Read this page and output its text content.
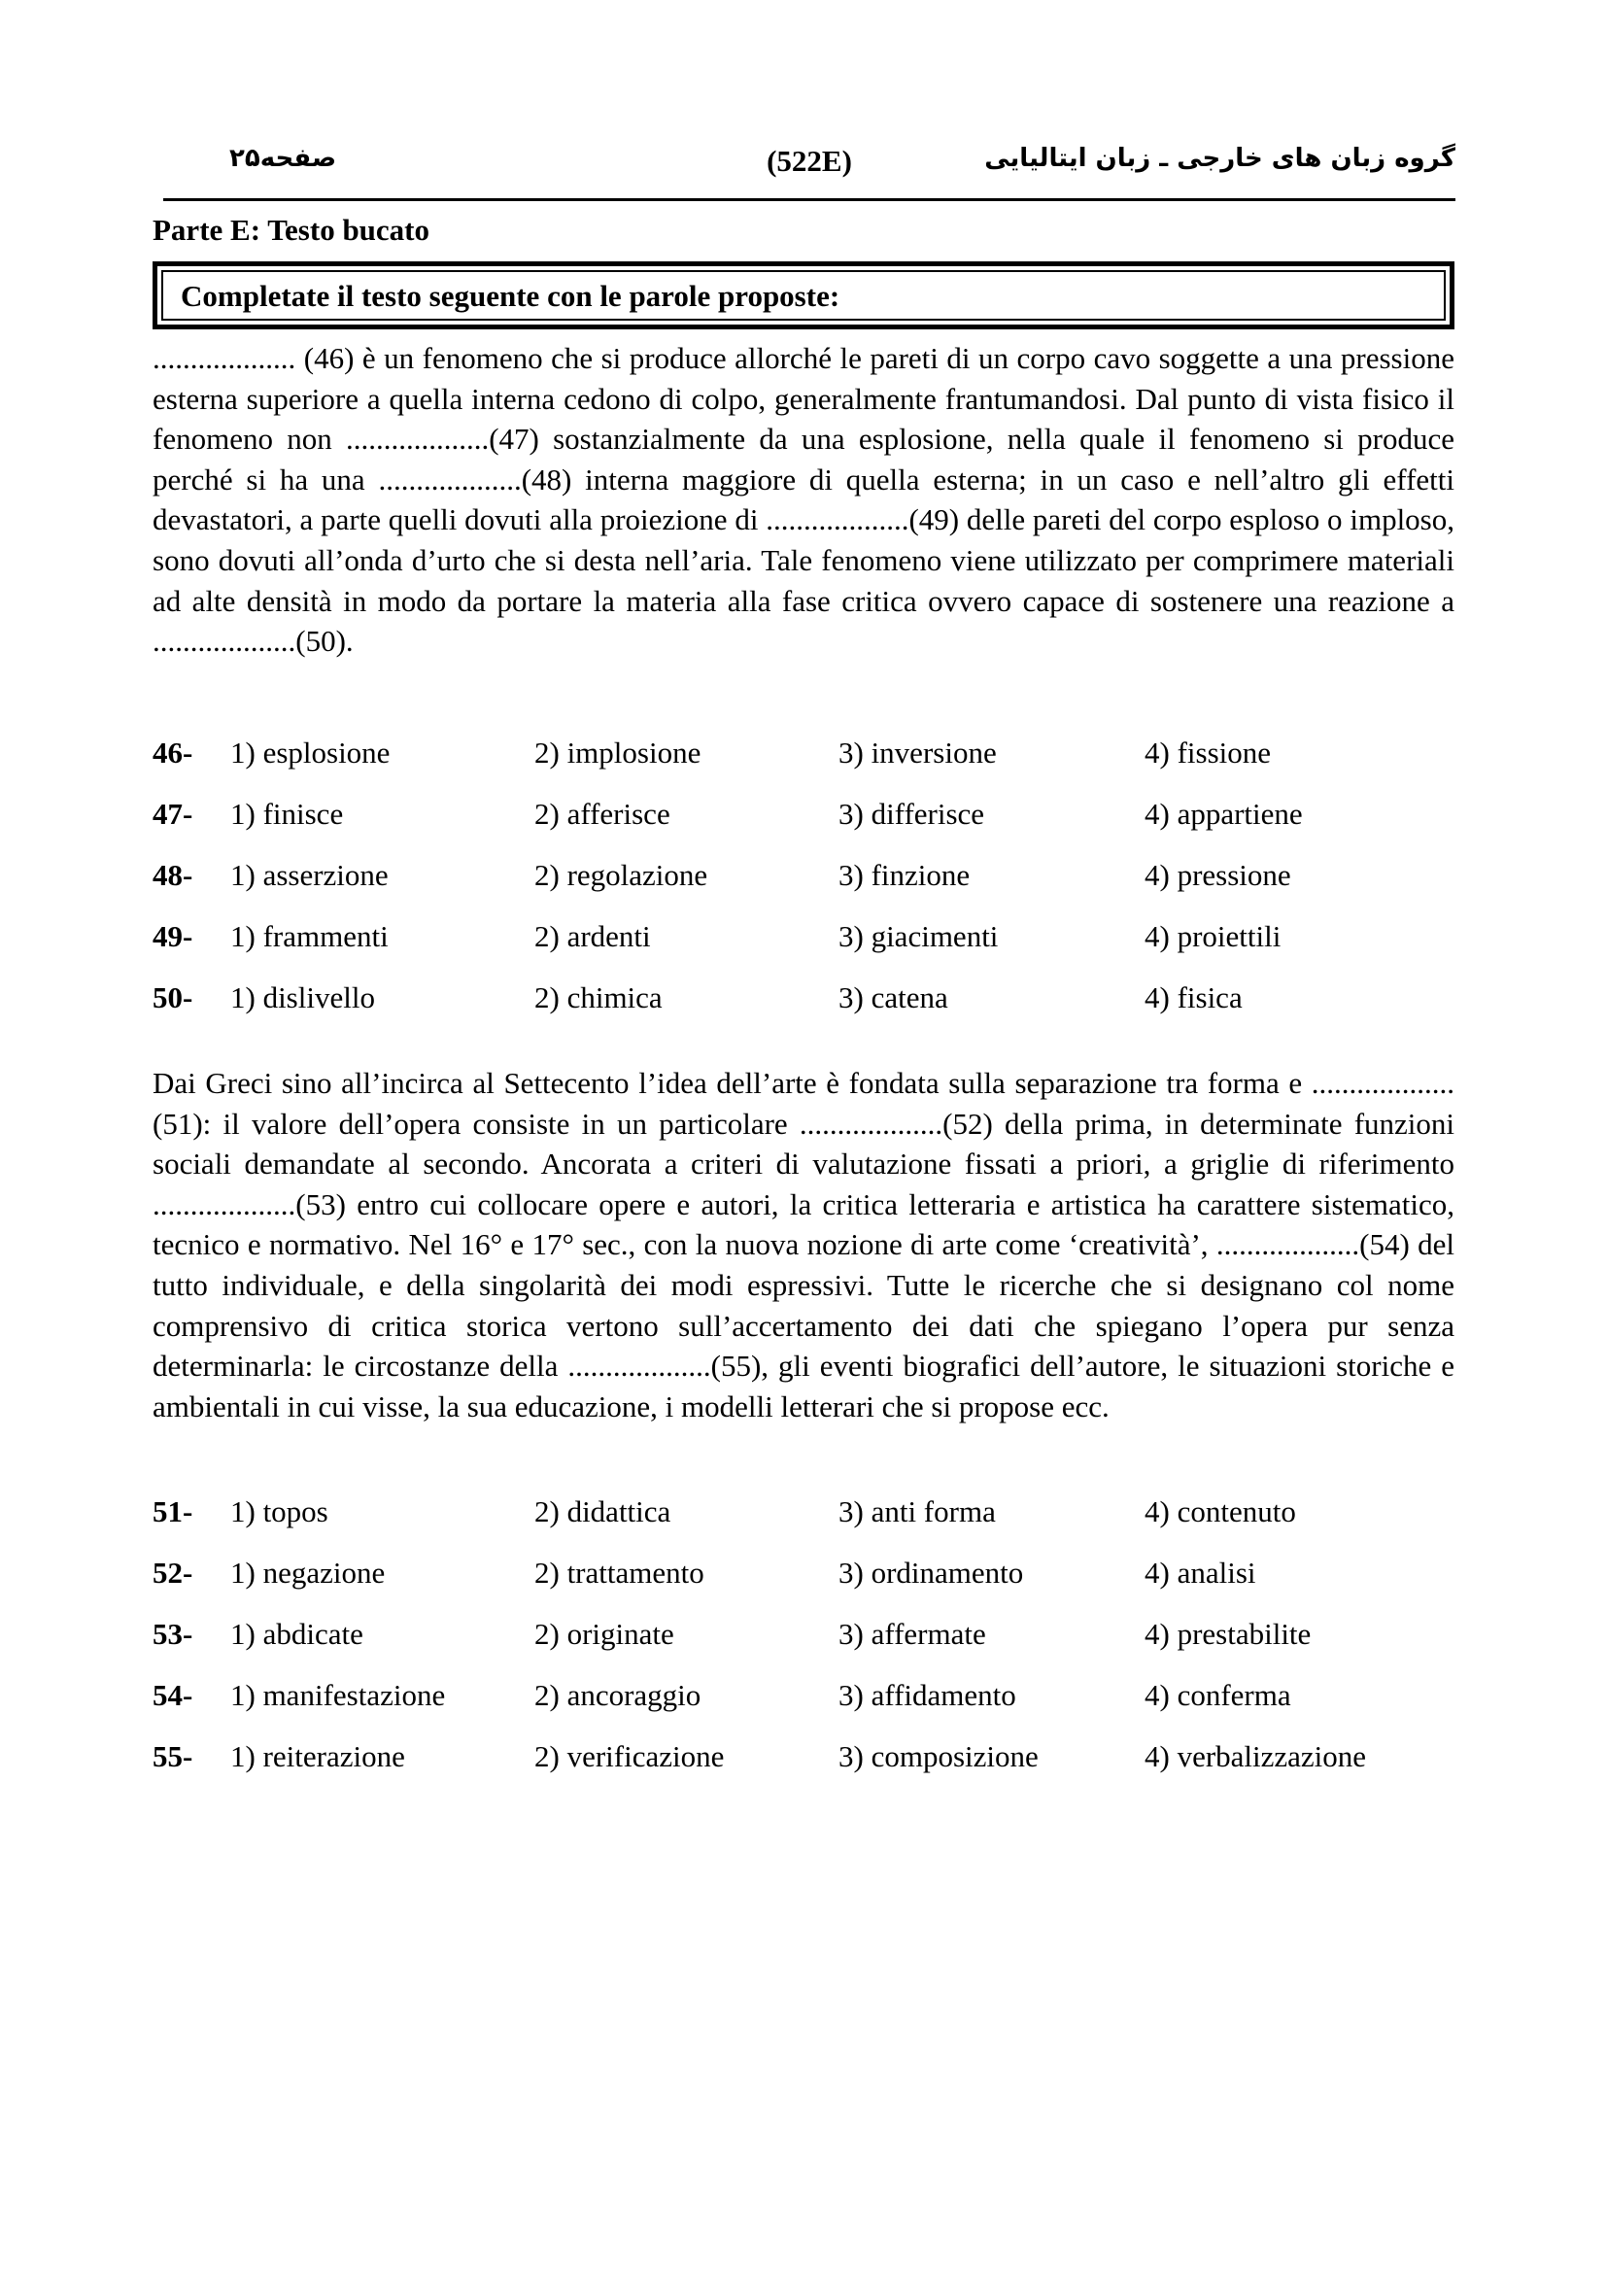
صفحه۲۵	(522E)	گروه زبان های خارجی ـ زبان ایتالیایی
Parte E: Testo bucato
Completate il testo seguente con le parole proposte:

................... (46) è un fenomeno che si produce allorché le pareti di un corpo cavo soggette a una pressione esterna superiore a quella interna cedono di colpo, generalmente frantumandosi. Dal punto di vista fisico il fenomeno non ...................(47) sostanzialmente da una esplosione, nella quale il fenomeno si produce perché si ha una ...................(48) interna maggiore di quella esterna; in un caso e nell’altro gli effetti devastatori, a parte quelli dovuti alla proiezione di ...................(49) delle pareti del corpo esploso o imploso, sono dovuti all’onda d’urto che si desta nell’aria. Tale fenomeno viene utilizzato per comprimere materiali ad alte densità in modo da portare la materia alla fase critica ovvero capace di sostenere una reazione a ...................(50).

46- 1) esplosione	2) implosione	3) inversione	4) fissione
47- 1) finisce	2) afferisce	3) differisce	4) appartiene
48- 1) asserzione	2) regolazione	3) finzione	4) pressione
49- 1) frammenti	2) ardenti	3) giacimenti	4) proiettili
50- 1) dislivello	2) chimica	3) catena	4) fisica

Dai Greci sino all’incirca al Settecento l’idea dell’arte è fondata sulla separazione tra forma e ...................(51): il valore dell’opera consiste in un particolare ...................(52) della prima, in determinate funzioni sociali demandate al secondo. Ancorata a criteri di valutazione fissati a priori, a griglie di riferimento ...................(53) entro cui collocare opere e autori, la critica letteraria e artistica ha carattere sistematico, tecnico e normativo. Nel 16° e 17° sec., con la nuova nozione di arte come ‘creatività’, ...................(54) del tutto individuale, e della singolarità dei modi espressivi. Tutte le ricerche che si designano col nome comprensivo di critica storica vertono sull’accertamento dei dati che spiegano l’opera pur senza determinarla: le circostanze della ...................(55), gli eventi biografici dell’autore, le situazioni storiche e ambientali in cui visse, la sua educazione, i modelli letterari che si propose ecc.

51- 1) topos	2) didattica	3) anti forma	4) contenuto
52- 1) negazione	2) trattamento	3) ordinamento	4) analisi
53- 1) abdicate	2) originate	3) affermate	4) prestabilite
54- 1) manifestazione	2) ancoraggio	3) affidamento	4) conferma
55- 1) reiterazione	2) verificazione	3) composizione	4) verbalizzazione
